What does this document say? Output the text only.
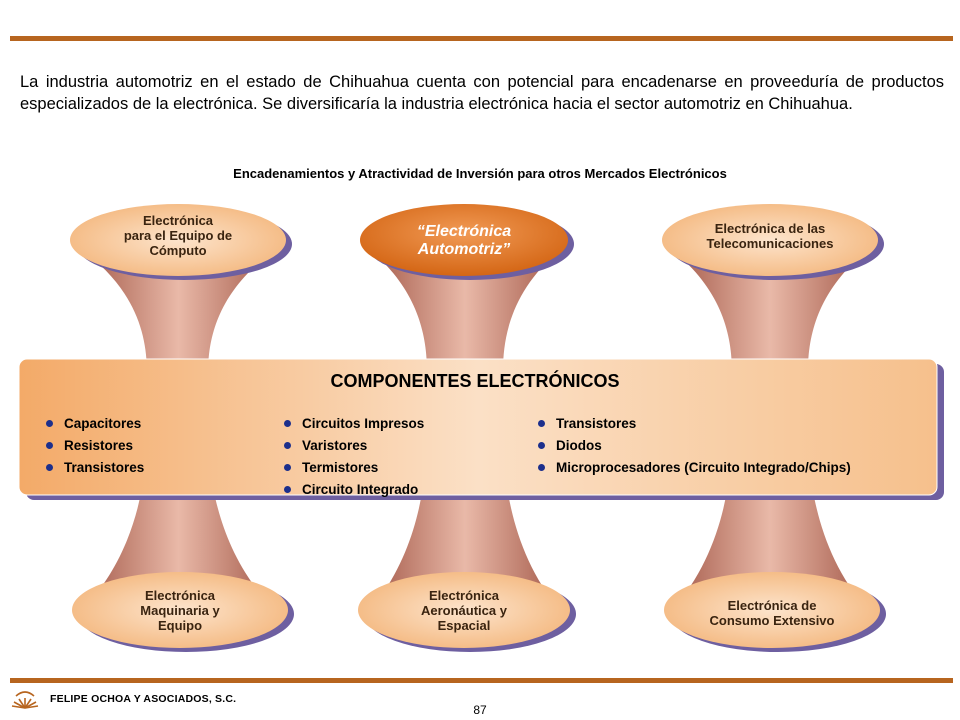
La industria automotriz en el estado de Chihuahua cuenta con potencial para encadenarse en proveeduría de productos especializados de la electrónica. Se diversificaría la industria electrónica hacia el sector automotriz en Chihuahua.

Encadenamientos y Atractividad de Inversión para otros Mercados Electrónicos
Electrónica
para el Equipo de
Cómputo
“Electrónica
Automotriz”
Electrónica de las
Telecomunicaciones
COMPONENTES ELECTRÓNICOS
Capacitores
Resistores
Transistores
Circuitos Impresos
Varistores
Termistores
Circuito Integrado
Transistores
Diodos
Microprocesadores (Circuito Integrado/Chips)
Electrónica
Maquinaria y
Equipo
Electrónica
Aeronáutica y
Espacial
Electrónica de
Consumo Extensivo
FELIPE OCHOA Y ASOCIADOS, S.C.
87
